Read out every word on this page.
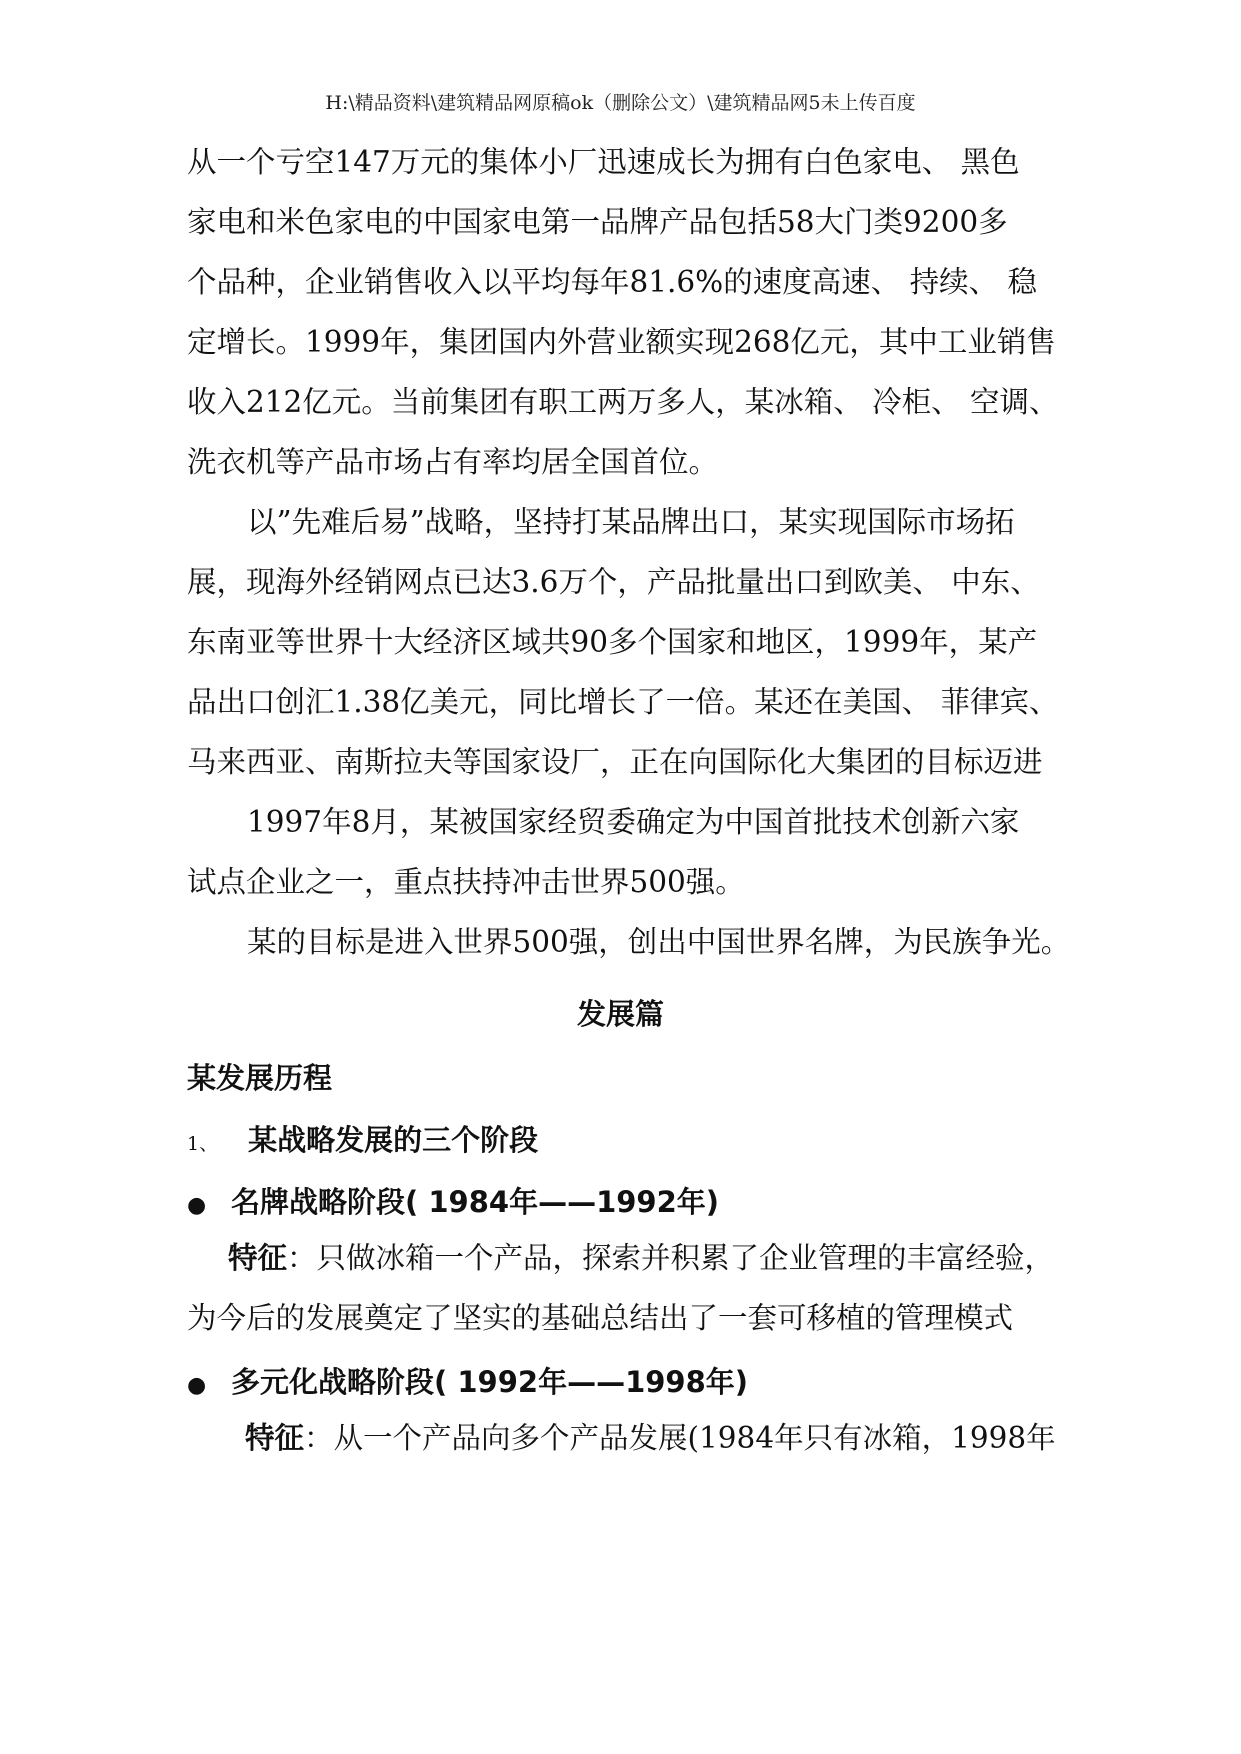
H:\精品资料\建筑精品网原稿ok（删除公文）\建筑精品网5未上传百度
从一个亏空147万元的集体小厂迅速成长为拥有白色家电、 黑色
家电和米色家电的中国家电第一品牌产品包括58大门类9200多
个品种，企业销售收入以平均每年81.6%的速度高速、 持续、 稳
定增长。1999年，集团国内外营业额实现268亿元，其中工业销售
收入212亿元。当前集团有职工两万多人，某冰箱、 冷柜、 空调、
洗衣机等产品市场占有率均居全国首位。
以”先难后易”战略，坚持打某品牌出口，某实现国际市场拓
展，现海外经销网点已达3.6万个，产品批量出口到欧美、 中东、
东南亚等世界十大经济区域共90多个国家和地区，1999年，某产
品出口创汇1.38亿美元，同比增长了一倍。某还在美国、 菲律宾、
马来西亚、南斯拉夫等国家设厂，正在向国际化大集团的目标迈进
1997年8月，某被国家经贸委确定为中国首批技术创新六家
试点企业之一，重点扶持冲击世界500强。
某的目标是进入世界500强，创出中国世界名牌，为民族争光。
发展篇
某发展历程
1、 某战略发展的三个阶段
● 名牌战略阶段( 1984年——1992年)
特征：只做冰箱一个产品，探索并积累了企业管理的丰富经验，
为今后的发展奠定了坚实的基础总结出了一套可移植的管理模式
● 多元化战略阶段( 1992年——1998年)
特征：从一个产品向多个产品发展(1984年只有冰箱，1998年
